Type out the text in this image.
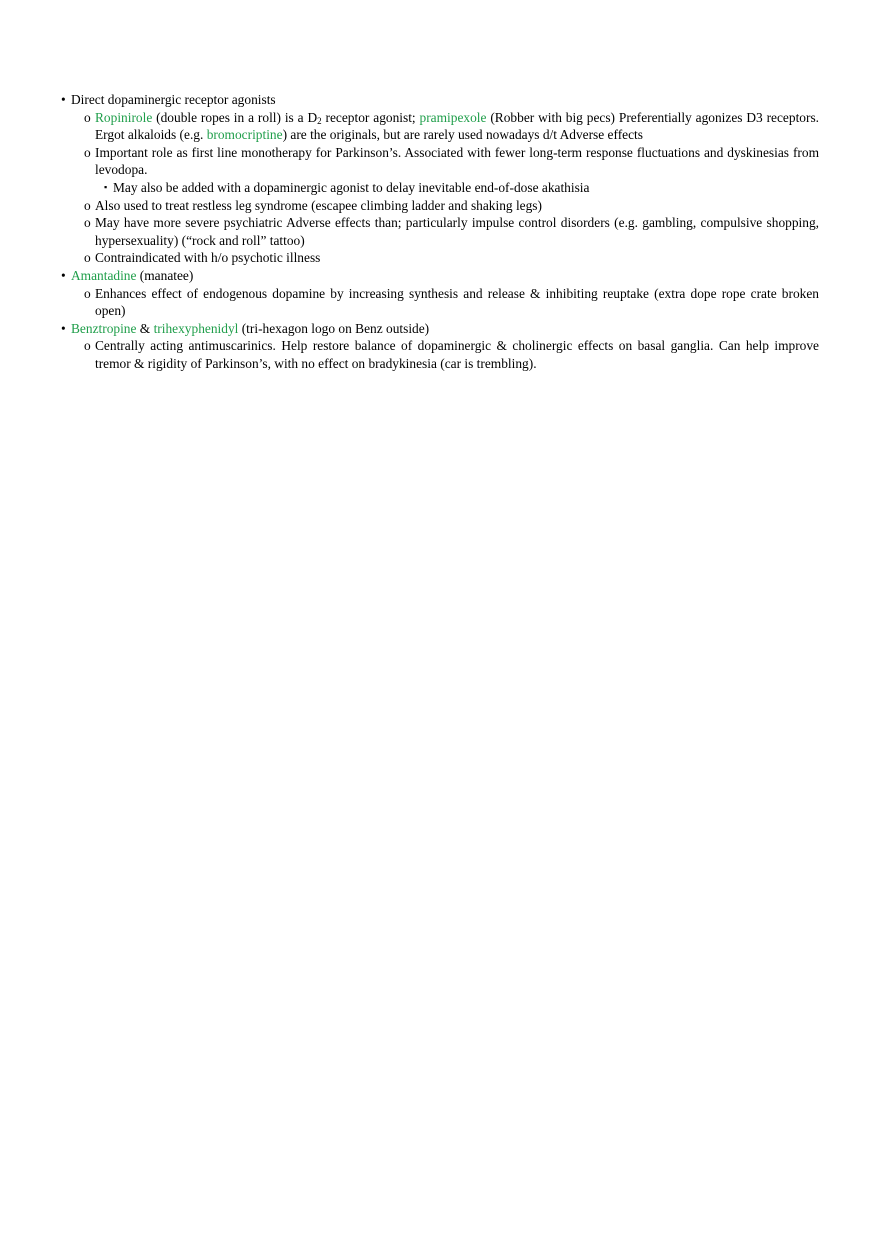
• Direct dopaminergic receptor agonists
o Ropinirole (double ropes in a roll) is a $D_2$ receptor agonist; pramipexole (Robber with big pecs) Preferentially agonizes D3 receptors. Ergot alkaloids (e.g. bromocriptine) are the originals, but are rarely used nowadays d/t Adverse effects
o Important role as first line monotherapy for Parkinson’s. Associated with fewer long-term response fluctuations and dyskinesias from levodopa.
▪ May also be added with a dopaminergic agonist to delay inevitable end-of-dose akathisia
o Also used to treat restless leg syndrome (escapee climbing ladder and shaking legs)
o May have more severe psychiatric Adverse effects than; particularly impulse control disorders (e.g. gambling, compulsive shopping, hypersexuality) (“rock and roll” tattoo)
o Contraindicated with h/o psychotic illness
• Amantadine (manatee)
o Enhances effect of endogenous dopamine by increasing synthesis and release & inhibiting reuptake (extra dope rope crate broken open)
• Benztropine & trihexyphenidyl (tri-hexagon logo on Benz outside)
o Centrally acting antimuscarinics. Help restore balance of dopaminergic & cholinergic effects on basal ganglia. Can help improve tremor & rigidity of Parkinson’s, with no effect on bradykinesia (car is trembling).
